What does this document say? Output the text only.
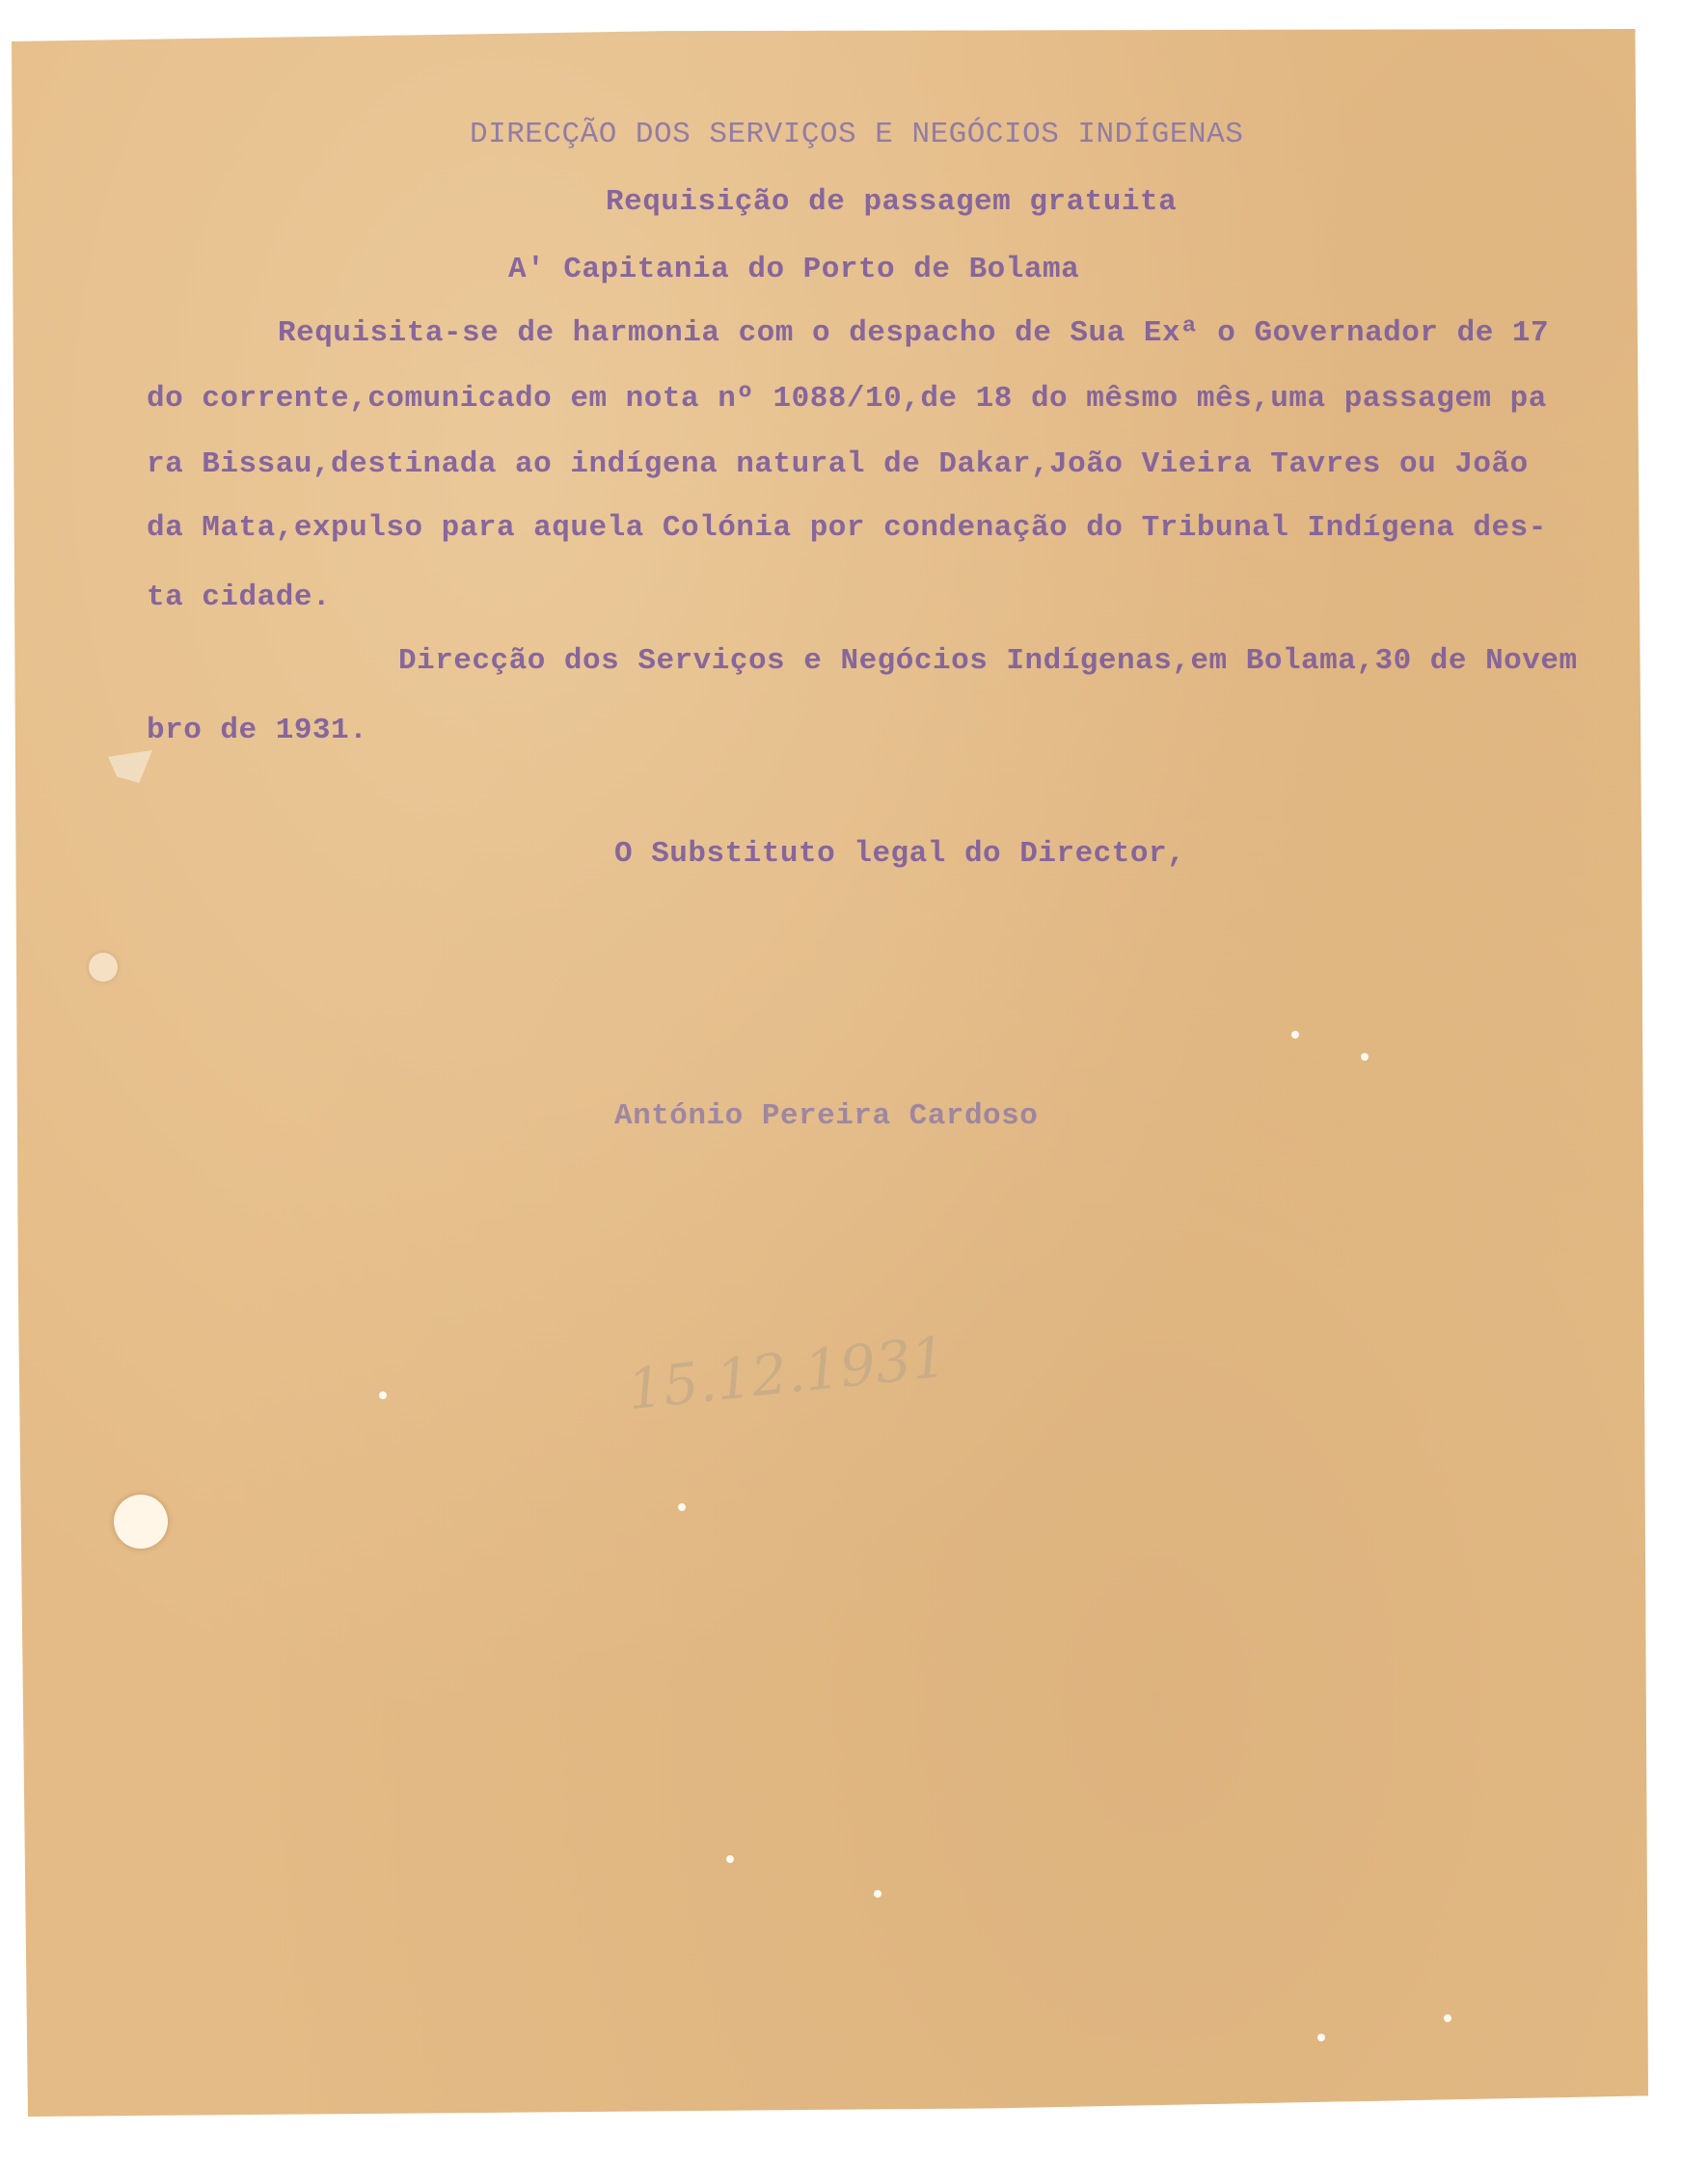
DIRECÇÃO DOS SERVIÇOS E NEGÓCIOS INDÍGENAS
Requisição de passagem gratuita
A' Capitania do Porto de Bolama
Requisita-se de harmonia com o despacho de Sua Exª o Governador de 17
do corrente,comunicado em nota nº 1088/10,de 18 do mêsmo mês,uma passagem pa
ra Bissau,destinada ao indígena natural de Dakar,João Vieira Tavres ou João
da Mata,expulso para aquela Colónia por condenação do Tribunal Indígena des-
ta cidade.
Direcção dos Serviços e Negócios Indígenas,em Bolama,30 de Novem
bro de 1931.
O Substituto legal do Director,
António Pereira Cardoso
15.12.1931
